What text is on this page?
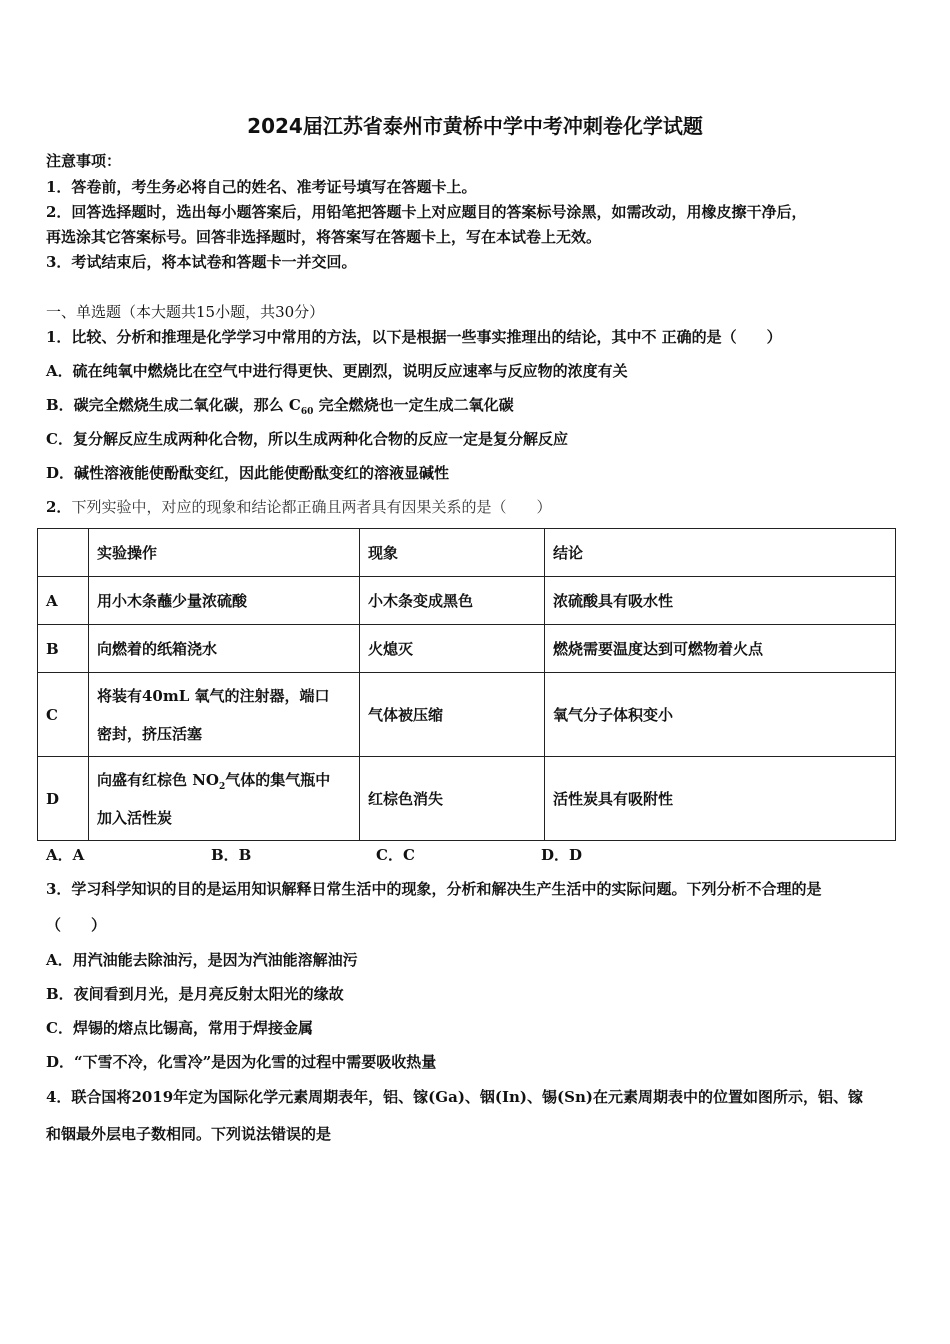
2024届江苏省泰州市黄桥中学中考冲刺卷化学试题
注意事项：
1．答卷前，考生务必将自己的姓名、准考证号填写在答题卡上。
2．回答选择题时，选出每小题答案后，用铅笔把答题卡上对应题目的答案标号涂黑，如需改动，用橡皮擦干净后，
再选涂其它答案标号。回答非选择题时，将答案写在答题卡上，写在本试卷上无效。
3．考试结束后，将本试卷和答题卡一并交回。
一、单选题（本大题共15小题，共30分）
1．比较、分析和推理是化学学习中常用的方法，以下是根据一些事实推理出的结论，其中不 正确的是（　　）
A．硫在纯氧中燃烧比在空气中进行得更快、更剧烈，说明反应速率与反应物的浓度有关
B．碳完全燃烧生成二氧化碳，那么 $C_{60}$ 完全燃烧也一定生成二氧化碳
C．复分解反应生成两种化合物，所以生成两种化合物的反应一定是复分解反应
D．碱性溶液能使酚酞变红，因此能使酚酞变红的溶液显碱性
2．下列实验中，对应的现象和结论都正确且两者具有因果关系的是（　　）
	实验操作	现象	结论
A	用小木条蘸少量浓硫酸	小木条变成黑色	浓硫酸具有吸水性
B	向燃着的纸箱浇水	火熄灭	燃烧需要温度达到可燃物着火点
C	将装有40mL 氧气的注射器，端口
密封，挤压活塞	气体被压缩	氧气分子体积变小
D	向盛有红棕色 $NO_2$气体的集气瓶中
加入活性炭	红棕色消失	活性炭具有吸附性
A．A	B．B	C．C	D．D
3．学习科学知识的目的是运用知识解释日常生活中的现象，分析和解决生产生活中的实际问题。下列分析不合理的是
（　　）
A．用汽油能去除油污，是因为汽油能溶解油污
B．夜间看到月光，是月亮反射太阳光的缘故
C．焊锡的熔点比锡高，常用于焊接金属
D．“下雪不冷，化雪冷”是因为化雪的过程中需要吸收热量
4．联合国将2019年定为国际化学元素周期表年，铝、镓(Ga)、铟(In)、锡(Sn)在元素周期表中的位置如图所示，铝、镓
和铟最外层电子数相同。下列说法错误的是
